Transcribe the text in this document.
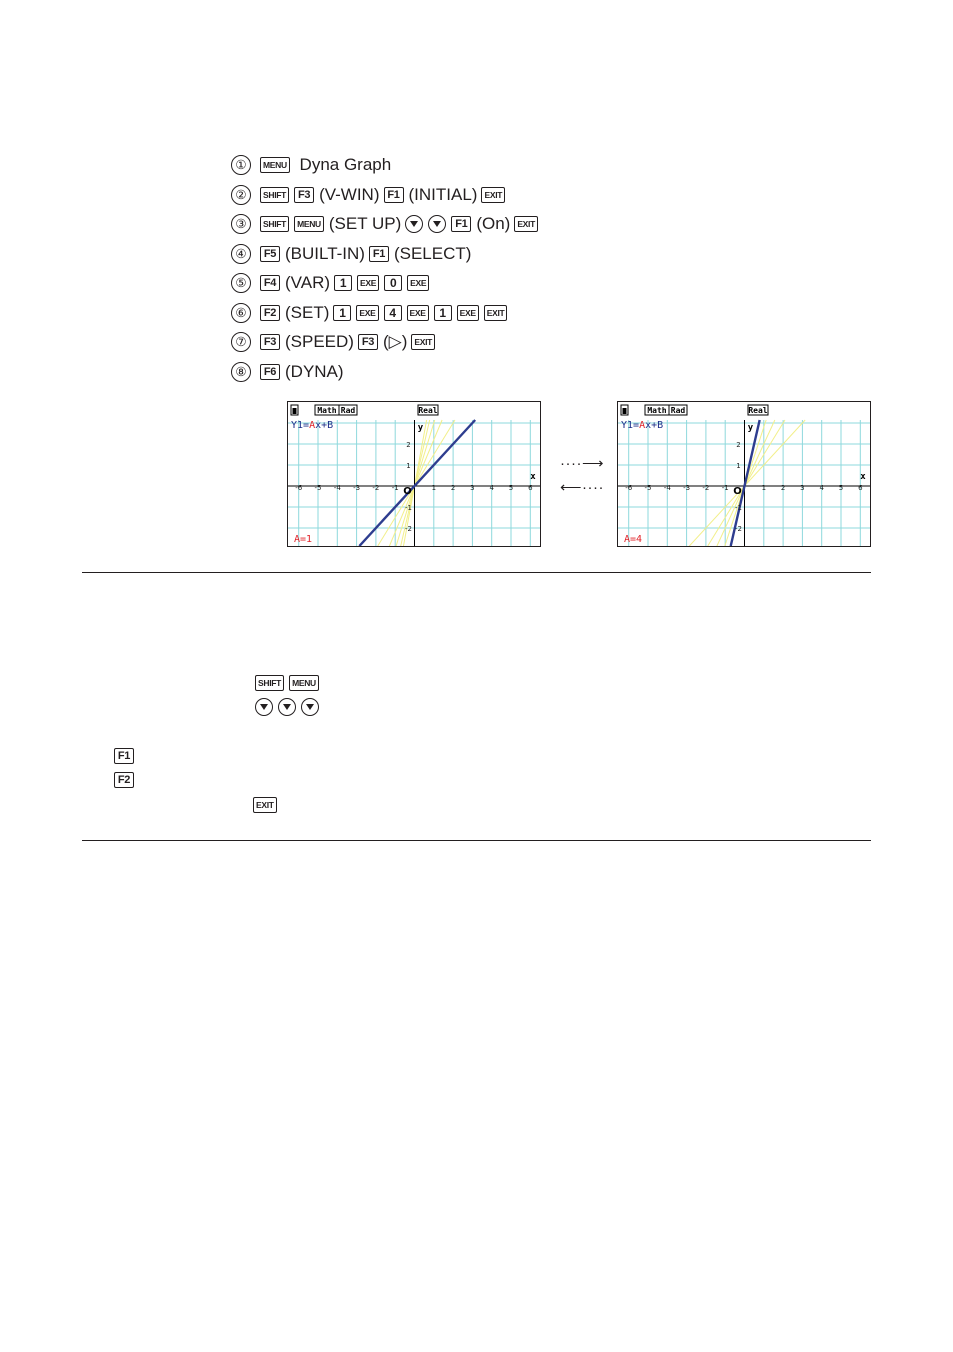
①	MENU Dyna Graph
②	SHIFT	F3 (V-WIN) F1 (INITIAL) EXIT
③	SHIFT	MENU (SET UP)	F1 (On) EXIT
④	F5 (BUILT-IN) F1 (SELECT)
⑤	F4 (VAR) 1	EXE	0	EXE
⑥	F2 (SET) 1	EXE	4	EXE	1	EXE	EXIT
⑦	F3 (SPEED) F3 (▷) EXIT
⑧	F6 (DYNA)
-6 -5 -4 -3 -2 -1	1 2 3 4 5 6
2
1
-1
-2
x
y
O
Math Rad	Real
Y1=Ax+B
A=1
-6 -5 -4 -3 -2 -1	1 2 3 4 5 6
2
1
-1
-2
x
y
O
Math Rad	Real
Y1=Ax+B
A=4
····⟶
⟵····
SHIFT	MENU
F1
F2
EXIT
